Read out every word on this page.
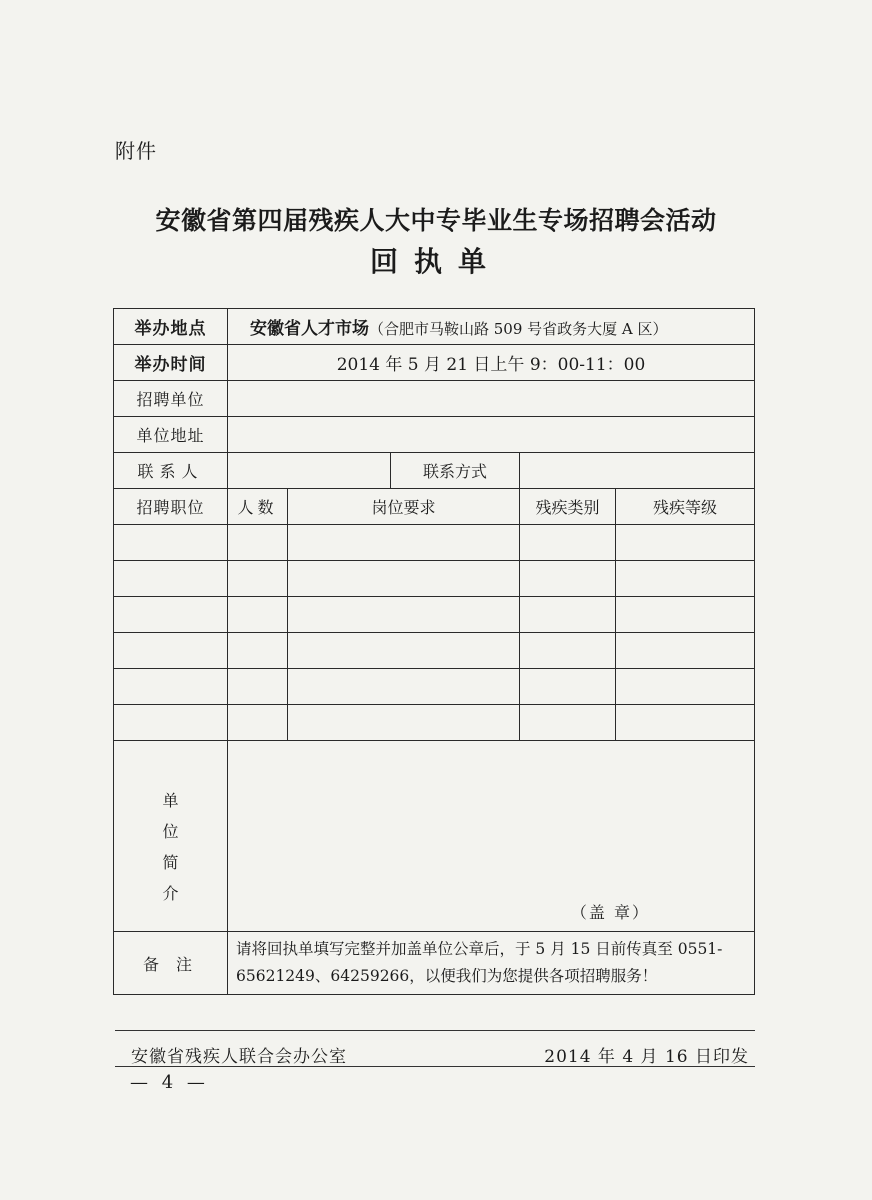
附件
安徽省第四届残疾人大中专毕业生专场招聘会活动
回执单
举办地点	安徽省人才市场（合肥市马鞍山路 509 号省政务大厦 A 区）				
举办时间	2014 年 5 月 21 日上午 9：00-11：00				
招聘单位					
单位地址					
联系人			联系方式		
招聘职位	人数	岗位要求		残疾类别	残疾等级

单
位
简
介	（盖 章）				

备 注	请将回执单填写完整并加盖单位公章后，于 5 月 15 日前传真至 0551-65621249、64259266，以便我们为您提供各项招聘服务！				
安徽省残疾人联合会办公室	2014 年 4 月 16 日印发
— 4 —
